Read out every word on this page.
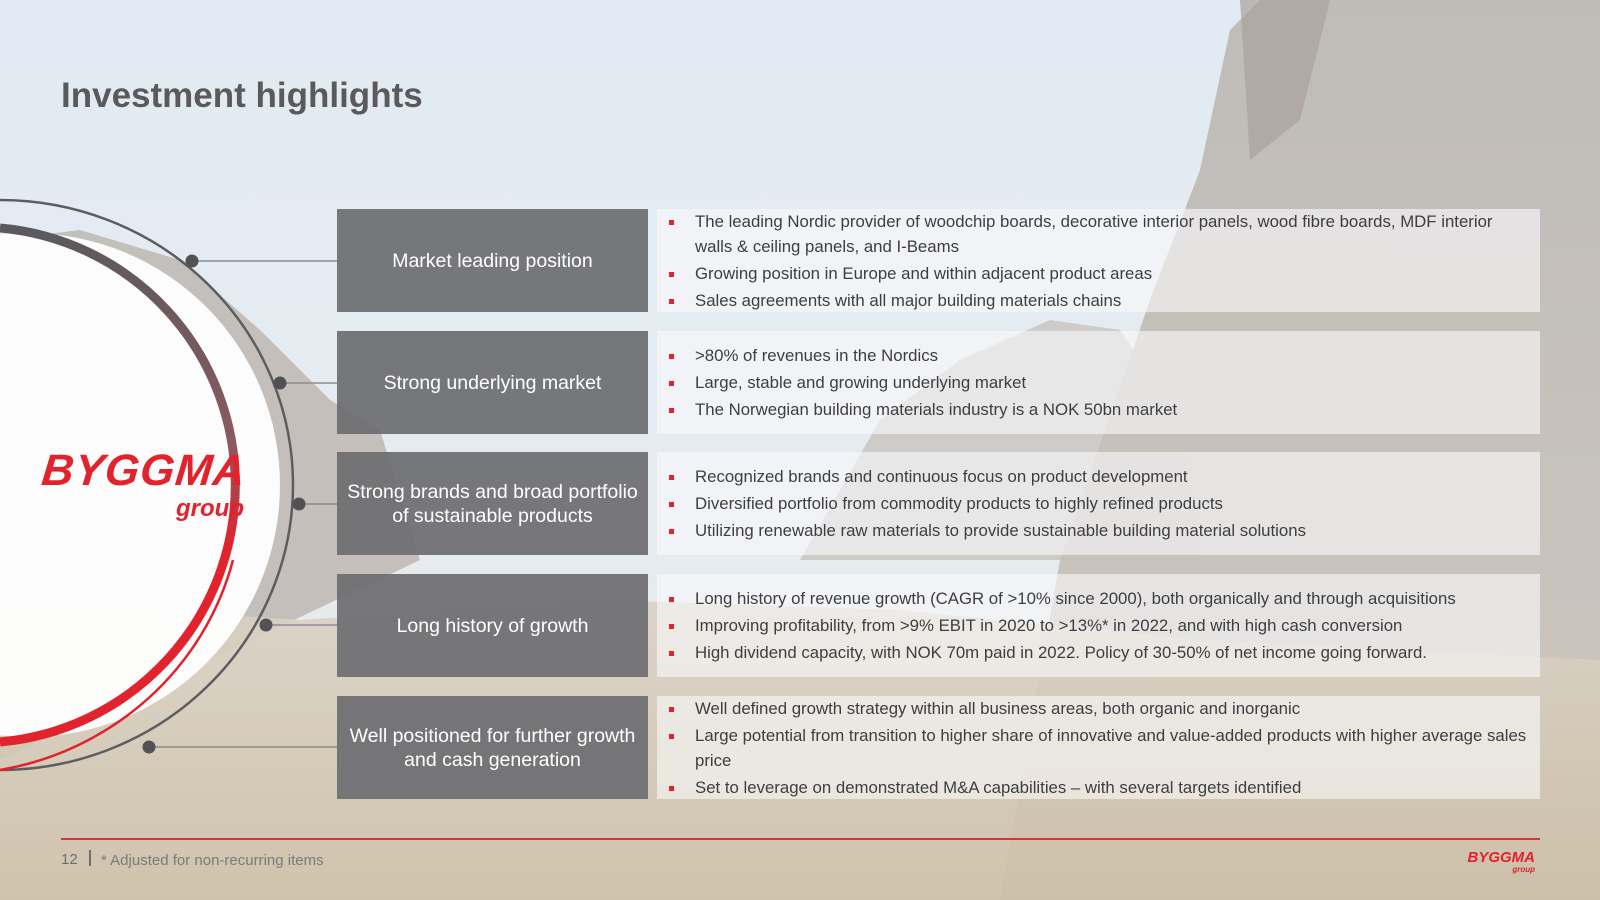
Investment highlights
BYGGMA
group
Market leading position
The leading Nordic provider of woodchip boards, decorative interior panels, wood fibre boards, MDF interior walls & ceiling panels, and I-Beams
Growing position in Europe and within adjacent product areas
Sales agreements with all major building materials chains
Strong underlying market
>80% of revenues in the Nordics
Large, stable and growing underlying market
The Norwegian building materials industry is a NOK 50bn market
Strong brands and broad portfolio of sustainable products
Recognized brands and continuous focus on product development
Diversified portfolio from commodity products to highly refined products
Utilizing renewable raw materials to provide sustainable building material solutions
Long history of growth
Long history of revenue growth (CAGR of >10% since 2000), both organically and through acquisitions
Improving profitability, from >9% EBIT in 2020 to >13%* in 2022, and with high cash conversion
High dividend capacity, with NOK 70m paid in 2022. Policy of 30-50% of net income going forward.
Well positioned for further growth and cash generation
Well defined growth strategy within all business areas, both organic and inorganic
Large potential from transition to higher share of innovative and value-added products with higher average sales price
Set to leverage on demonstrated M&A capabilities – with several targets identified
12 * Adjusted for non-recurring items	BYGGMA
group
